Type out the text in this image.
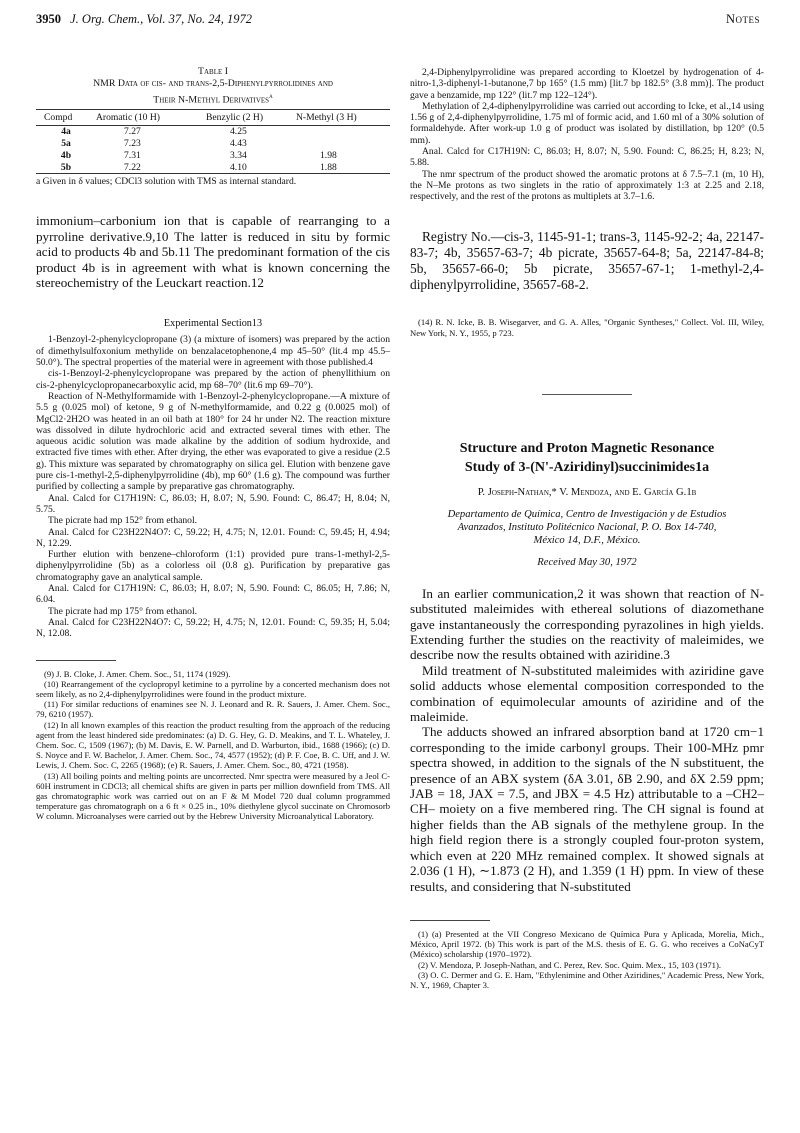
3950 J. Org. Chem., Vol. 37, No. 24, 1972	Notes
Table I
NMR Data of cis- and trans-2,5-Diphenylpyrrolidines and
Their N-Methyl Derivatives$^a$
Compd	Aromatic (10 H)	Benzylic (2 H)	N-Methyl (3 H)
4a	7.27	4.25	
5a	7.23	4.43	
4b	7.31	3.34	1.98
5b	7.22	4.10	1.88
a Given in δ values; CDCl3 solution with TMS as internal standard.
immonium–carbonium ion that is capable of rearranging to a pyrroline derivative.9,10 The latter is reduced in situ by formic acid to products 4b and 5b.11 The predominant formation of the cis product 4b is in agreement with what is known concerning the stereochemistry of the Leuckart reaction.12
Experimental Section13

1-Benzoyl-2-phenylcyclopropane (3) (a mixture of isomers) was prepared by the action of dimethylsulfoxonium methylide on benzalacetophenone,4 mp 45–50° (lit.4 mp 45.5–50.0°). The spectral properties of the material were in agreement with those published.4

cis-1-Benzoyl-2-phenylcyclopropane was prepared by the action of phenyllithium on cis-2-phenylcyclopropanecarboxylic acid, mp 68–70° (lit.6 mp 69–70°).

Reaction of N-Methylformamide with 1-Benzoyl-2-phenylcyclopropane.—A mixture of 5.5 g (0.025 mol) of ketone, 9 g of N-methylformamide, and 0.22 g (0.0025 mol) of MgCl2·2H2O was heated in an oil bath at 180° for 24 hr under N2. The reaction mixture was dissolved in dilute hydrochloric acid and extracted several times with ether. The aqueous acidic solution was made alkaline by the addition of sodium hydroxide, and extracted five times with ether. After drying, the ether was evaporated to give a residue (2.5 g). This mixture was separated by chromatography on silica gel. Elution with benzene gave pure cis-1-methyl-2,5-diphenylpyrrolidine (4b), mp 60° (1.6 g). The compound was further purified by collecting a sample by preparative gas chromatography.

Anal. Calcd for C17H19N: C, 86.03; H, 8.07; N, 5.90. Found: C, 86.47; H, 8.04; N, 5.75.

The picrate had mp 152° from ethanol.

Anal. Calcd for C23H22N4O7: C, 59.22; H, 4.75; N, 12.01. Found: C, 59.45; H, 4.94; N, 12.29.

Further elution with benzene–chloroform (1:1) provided pure trans-1-methyl-2,5-diphenylpyrrolidine (5b) as a colorless oil (0.8 g). Purification by preparative gas chromatography gave an analytical sample.

Anal. Calcd for C17H19N: C, 86.03; H, 8.07; N, 5.90. Found: C, 86.05; H, 7.86; N, 6.04.

The picrate had mp 175° from ethanol.

Anal. Calcd for C23H22N4O7: C, 59.22; H, 4.75; N, 12.01. Found: C, 59.35; H, 5.04; N, 12.08.

(9) J. B. Cloke, J. Amer. Chem. Soc., 51, 1174 (1929).

(10) Rearrangement of the cyclopropyl ketimine to a pyrroline by a concerted mechanism does not seem likely, as no 2,4-diphenylpyrrolidines were found in the product mixture.

(11) For similar reductions of enamines see N. J. Leonard and R. R. Sauers, J. Amer. Chem. Soc., 79, 6210 (1957).

(12) In all known examples of this reaction the product resulting from the approach of the reducing agent from the least hindered side predominates: (a) D. G. Hey, G. D. Meakins, and T. L. Whateley, J. Chem. Soc. C, 1509 (1967); (b) M. Davis, E. W. Parnell, and D. Warburton, ibid., 1688 (1966); (c) D. S. Noyce and F. W. Bachelor, J. Amer. Chem. Soc., 74, 4577 (1952); (d) P. F. Coe, B. C. Uff, and J. W. Lewis, J. Chem. Soc. C, 2265 (1968); (e) R. Sauers, J. Amer. Chem. Soc., 80, 4721 (1958).

(13) All boiling points and melting points are uncorrected. Nmr spectra were measured by a Jeol C-60H instrument in CDCl3; all chemical shifts are given in parts per million downfield from TMS. All gas chromatographic work was carried out on an F & M Model 720 dual column programmed temperature gas chromatograph on a 6 ft × 0.25 in., 10% diethylene glycol succinate on Chromosorb W column. Microanalyses were carried out by the Hebrew University Microanalytical Laboratory.

2,4-Diphenylpyrrolidine was prepared according to Kloetzel by hydrogenation of 4-nitro-1,3-diphenyl-1-butanone,7 bp 165° (1.5 mm) [lit.7 bp 182.5° (3.8 mm)]. The product gave a benzamide, mp 122° (lit.7 mp 122–124°).

Methylation of 2,4-diphenylpyrrolidine was carried out according to Icke, et al.,14 using 1.56 g of 2,4-diphenylpyrrolidine, 1.75 ml of formic acid, and 1.60 ml of a 30% solution of formaldehyde. After work-up 1.0 g of product was isolated by distillation, bp 120° (0.5 mm).

Anal. Calcd for C17H19N: C, 86.03; H, 8.07; N, 5.90. Found: C, 86.25; H, 8.23; N, 5.88.

The nmr spectrum of the product showed the aromatic protons at δ 7.5–7.1 (m, 10 H), the N–Me protons as two singlets in the ratio of approximately 1:3 at 2.25 and 2.18, respectively, and the rest of the protons as multiplets at 3.7–1.6.

Registry No.—cis-3, 1145-91-1; trans-3, 1145-92-2; 4a, 22147-83-7; 4b, 35657-63-7; 4b picrate, 35657-64-8; 5a, 22147-84-8; 5b, 35657-66-0; 5b picrate, 35657-67-1; 1-methyl-2,4-diphenylpyrrolidine, 35657-68-2.
(14) R. N. Icke, B. B. Wisegarver, and G. A. Alles, "Organic Syntheses," Collect. Vol. III, Wiley, New York, N. Y., 1955, p 723.
Structure and Proton Magnetic Resonance
Study of 3-(N'-Aziridinyl)succinimides1a
P. Joseph-Nathan,* V. Mendoza, and E. García G.1b
Departamento de Química, Centro de Investigación y de Estudios
Avanzados, Instituto Politécnico Nacional, P. O. Box 14-740,
México 14, D.F., México.
Received May 30, 1972

In an earlier communication,2 it was shown that reaction of N-substituted maleimides with ethereal solutions of diazomethane gave instantaneously the corresponding pyrazolines in high yields. Extending further the studies on the reactivity of maleimides, we describe now the results obtained with aziridine.3

Mild treatment of N-substituted maleimides with aziridine gave solid adducts whose elemental composition corresponded to the combination of equimolecular amounts of aziridine and of the maleimide.

The adducts showed an infrared absorption band at 1720 cm−1 corresponding to the imide carbonyl groups. Their 100-MHz pmr spectra showed, in addition to the signals of the N substituent, the presence of an ABX system (δA 3.01, δB 2.90, and δX 2.59 ppm; JAB = 18, JAX = 7.5, and JBX = 4.5 Hz) attributable to a –CH2–CH– moiety on a five membered ring. The CH signal is found at higher fields than the AB signals of the methylene group. In the high field region there is a strongly coupled four-proton system, which even at 220 MHz remained complex. It showed signals at 2.036 (1 H), ∼1.873 (2 H), and 1.359 (1 H) ppm. In view of these results, and considering that N-substituted

(1) (a) Presented at the VII Congreso Mexicano de Química Pura y Aplicada, Morelia, Mich., México, April 1972. (b) This work is part of the M.S. thesis of E. G. G. who receives a CoNaCyT (México) scholarship (1970–1972).

(2) V. Mendoza, P. Joseph-Nathan, and C. Perez, Rev. Soc. Quim. Mex., 15, 103 (1971).

(3) O. C. Dermer and G. E. Ham, "Ethylenimine and Other Aziridines," Academic Press, New York, N. Y., 1969, Chapter 3.
